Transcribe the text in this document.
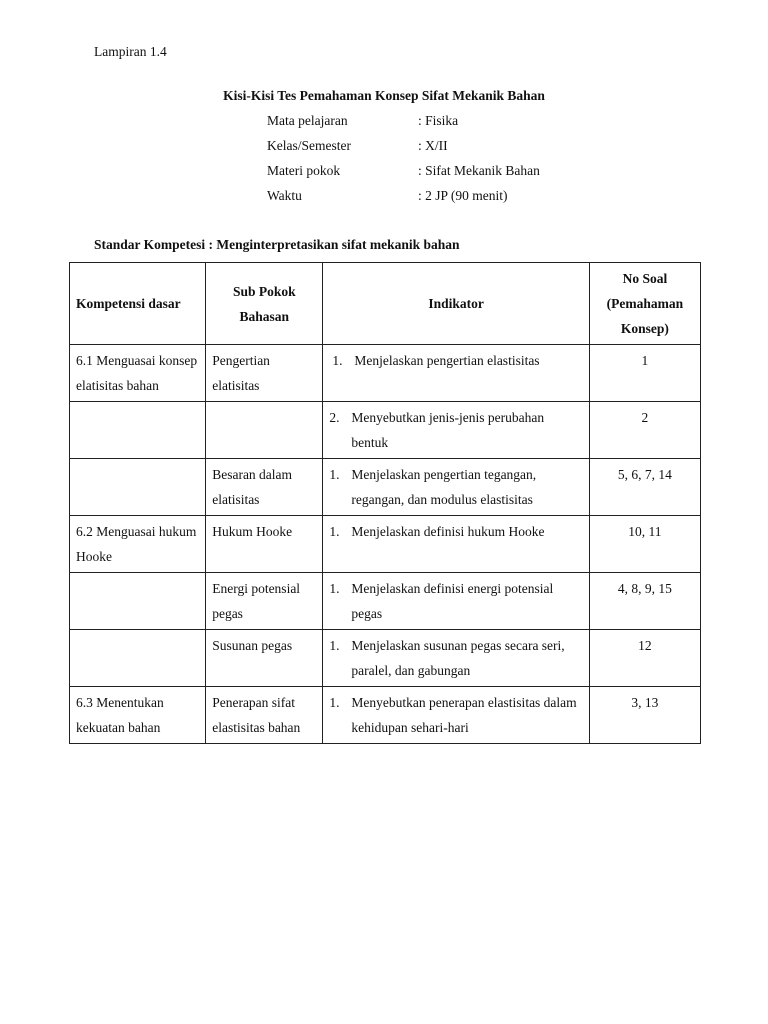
Lampiran 1.4
Kisi-Kisi Tes Pemahaman Konsep Sifat Mekanik Bahan
Mata pelajaran	: Fisika
Kelas/Semester	: X/II
Materi pokok	: Sifat Mekanik Bahan
Waktu	: 2 JP (90 menit)
Standar Kompetesi : Menginterpretasikan sifat mekanik bahan
Kompetensi dasar	Sub Pokok Bahasan	Indikator	No Soal (Pemahaman Konsep)
6.1 Menguasai konsep elatisitas bahan	Pengertian elatisitas	1. Menjelaskan pengertian elastisitas	1

		2. Menyebutkan jenis-jenis perubahan bentuk	2
	Besaran dalam elatisitas	1. Menjelaskan pengertian tegangan, regangan, dan modulus elastisitas	5, 6, 7, 14
6.2 Menguasai hukum Hooke	Hukum Hooke	1. Menjelaskan definisi hukum Hooke	10, 11
	Energi potensial pegas	1. Menjelaskan definisi energi potensial pegas	4, 8, 9, 15
	Susunan pegas	1. Menjelaskan susunan pegas secara seri, paralel, dan gabungan	12
6.3 Menentukan kekuatan bahan	Penerapan sifat elastisitas bahan	1. Menyebutkan penerapan elastisitas dalam kehidupan sehari-hari	3, 13
